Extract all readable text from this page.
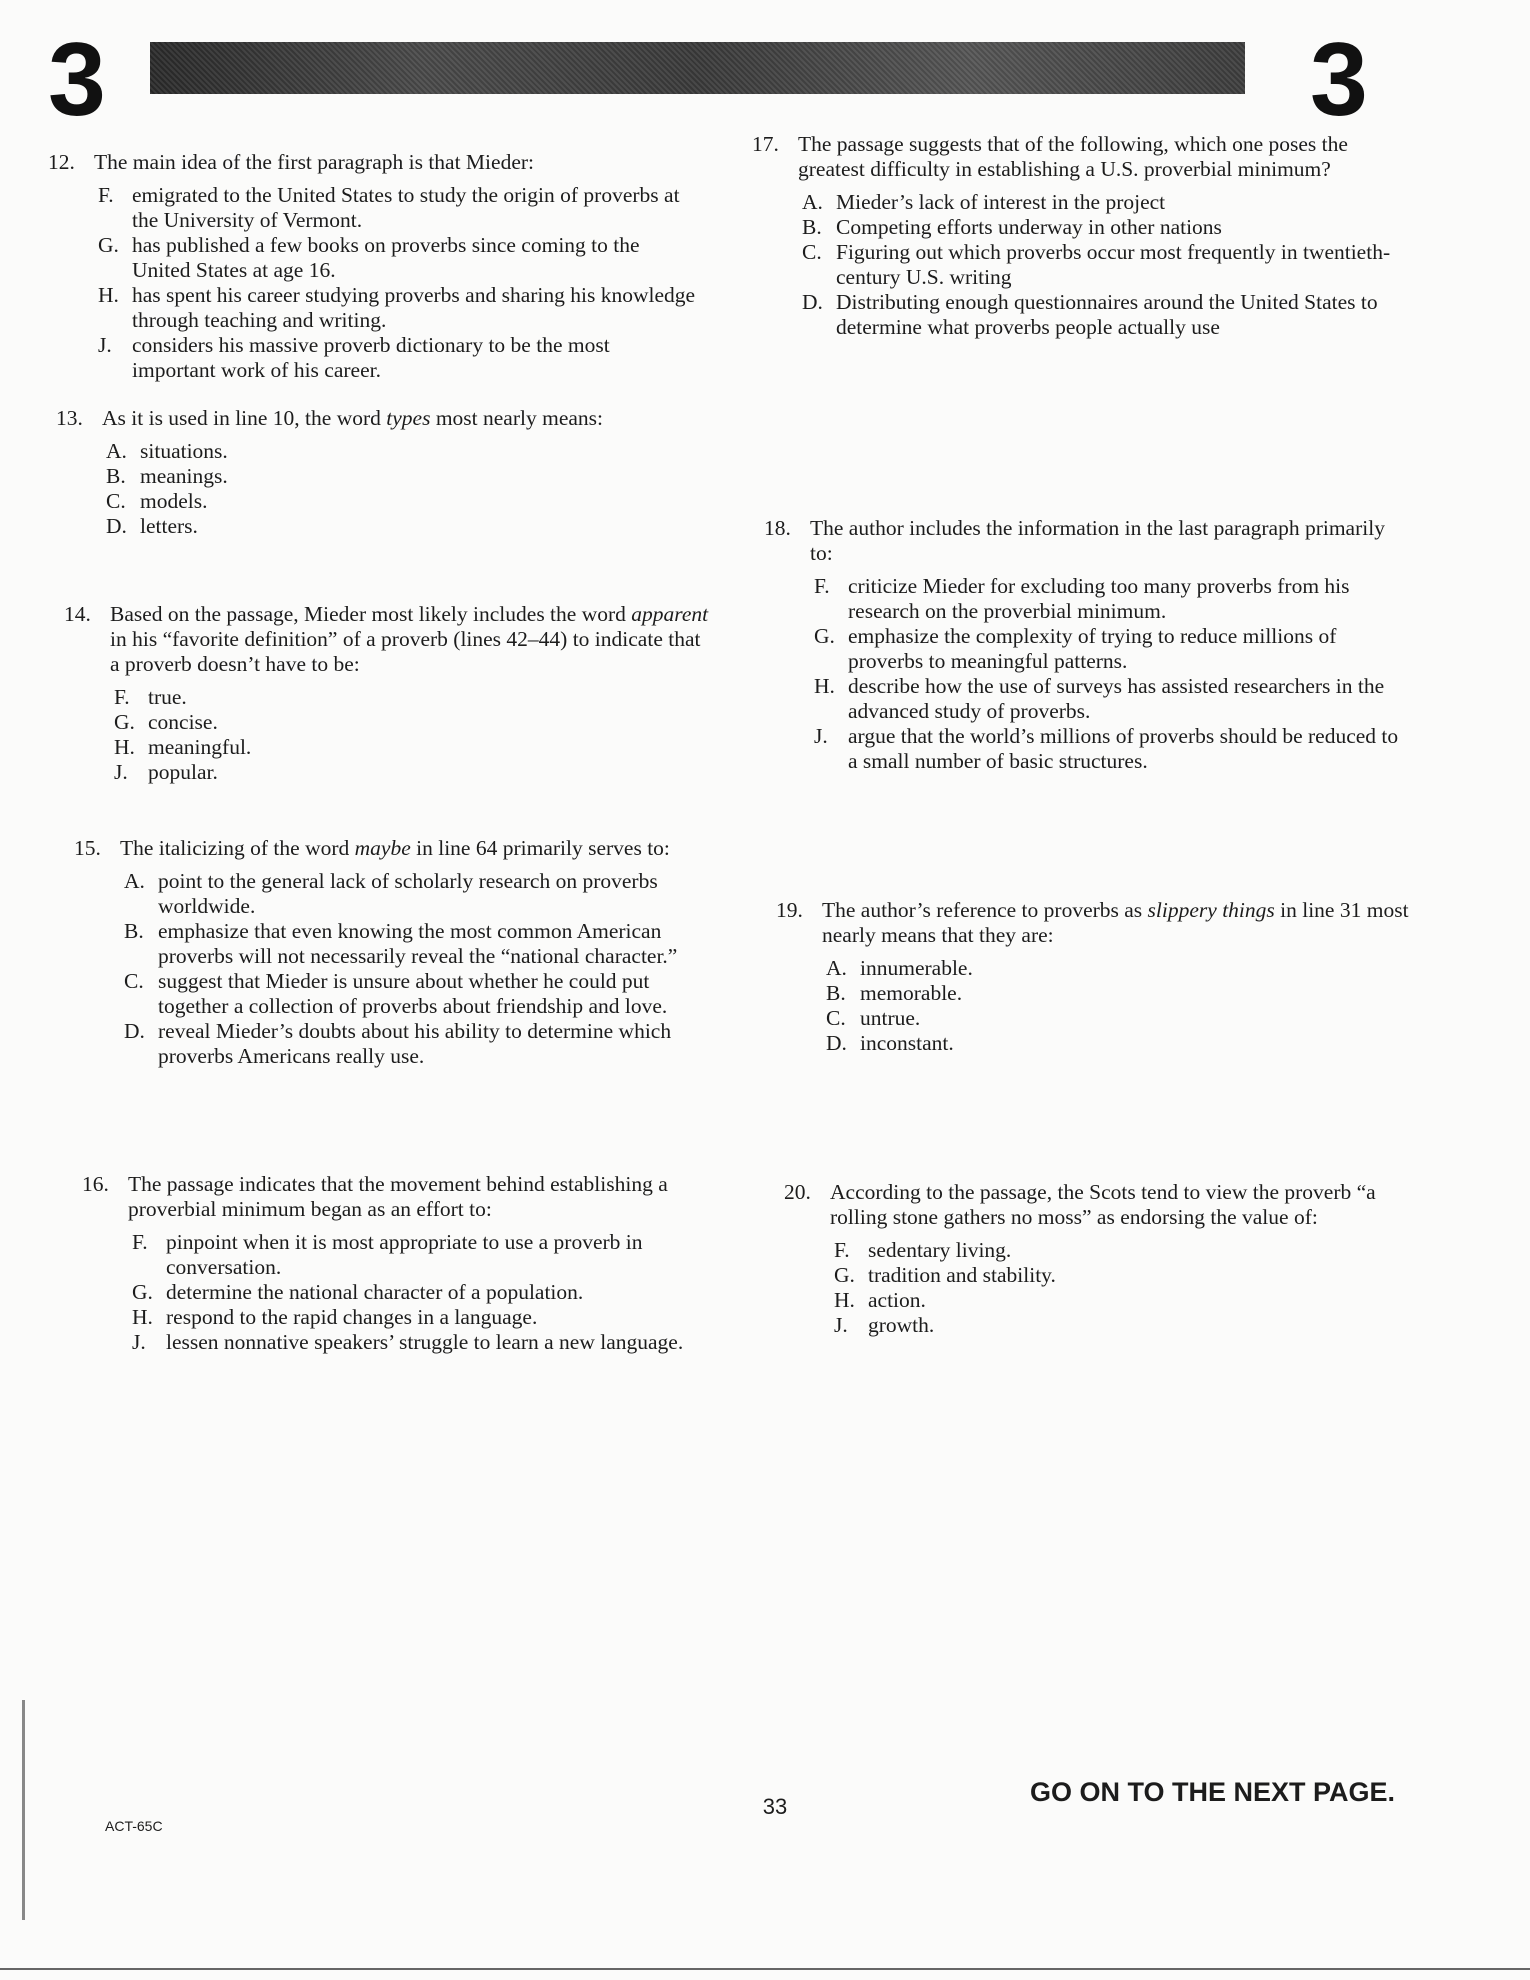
3	3
12. The main idea of the first paragraph is that Mieder:
F. emigrated to the United States to study the origin of proverbs at the University of Vermont.
G. has published a few books on proverbs since coming to the United States at age 16.
H. has spent his career studying proverbs and sharing his knowledge through teaching and writing.
J. considers his massive proverb dictionary to be the most important work of his career.
13. As it is used in line 10, the word types most nearly means:
A. situations.
B. meanings.
C. models.
D. letters.
14. Based on the passage, Mieder most likely includes the word apparent in his “favorite definition” of a proverb (lines 42–44) to indicate that a proverb doesn’t have to be:
F. true.
G. concise.
H. meaningful.
J. popular.
15. The italicizing of the word maybe in line 64 primarily serves to:
A. point to the general lack of scholarly research on proverbs worldwide.
B. emphasize that even knowing the most common American proverbs will not necessarily reveal the “national character.”
C. suggest that Mieder is unsure about whether he could put together a collection of proverbs about friendship and love.
D. reveal Mieder’s doubts about his ability to determine which proverbs Americans really use.
16. The passage indicates that the movement behind establishing a proverbial minimum began as an effort to:
F. pinpoint when it is most appropriate to use a proverb in conversation.
G. determine the national character of a population.
H. respond to the rapid changes in a language.
J. lessen nonnative speakers’ struggle to learn a new language.
17. The passage suggests that of the following, which one poses the greatest difficulty in establishing a U.S. proverbial minimum?
A. Mieder’s lack of interest in the project
B. Competing efforts underway in other nations
C. Figuring out which proverbs occur most frequently in twentieth-century U.S. writing
D. Distributing enough questionnaires around the United States to determine what proverbs people actually use
18. The author includes the information in the last paragraph primarily to:
F. criticize Mieder for excluding too many proverbs from his research on the proverbial minimum.
G. emphasize the complexity of trying to reduce millions of proverbs to meaningful patterns.
H. describe how the use of surveys has assisted researchers in the advanced study of proverbs.
J. argue that the world’s millions of proverbs should be reduced to a small number of basic structures.
19. The author’s reference to proverbs as slippery things in line 31 most nearly means that they are:
A. innumerable.
B. memorable.
C. untrue.
D. inconstant.
20. According to the passage, the Scots tend to view the proverb “a rolling stone gathers no moss” as endorsing the value of:
F. sedentary living.
G. tradition and stability.
H. action.
J. growth.
33	GO ON TO THE NEXT PAGE.
ACT-65C
